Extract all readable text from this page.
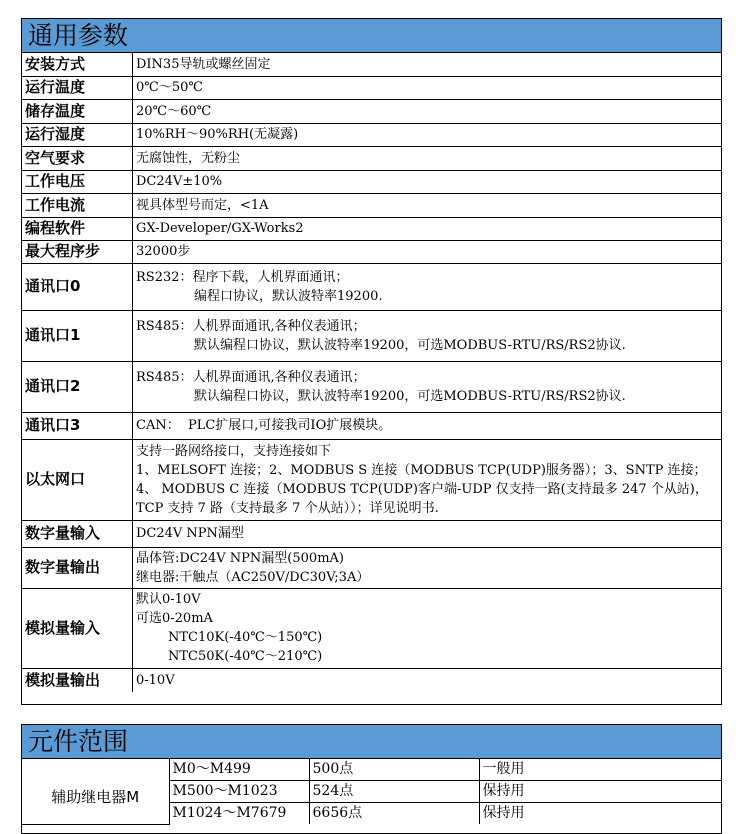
通用参数
安装方式	DIN35导轨或螺丝固定

运行温度	0℃～50℃

储存温度	20℃～60℃

运行湿度	10%RH～90%RH(无凝露)

空气要求	无腐蚀性，无粉尘

工作电压	DC24V±10%

工作电流	视具体型号而定，<1A

编程软件	GX-Developer/GX-Works2

最大程序步	32000步

通讯口0	RS232：程序下载，人机界面通讯；
编程口协议，默认波特率19200.

通讯口1	RS485：人机界面通讯,各种仪表通讯；
默认编程口协议，默认波特率19200，可选MODBUS-RTU/RS/RS2协议.

通讯口2	RS485：人机界面通讯,各种仪表通讯；
默认编程口协议，默认波特率19200，可选MODBUS-RTU/RS/RS2协议.

通讯口3	CAN：  PLC扩展口,可接我司IO扩展模块。

以太网口	支持一路网络接口，支持连接如下
1、MELSOFT 连接；2、MODBUS S 连接（MODBUS TCP(UDP)服务器）；3、SNTP 连接；4、 MODBUS C 连接（MODBUS TCP(UDP)客户端-UDP 仅支持一路(支持最多 247 个从站)，TCP 支持 7 路（支持最多 7 个从站））；详见说明书.

数字量输入	DC24V NPN漏型

数字量输出	晶体管:DC24V NPN漏型(500mA)
继电器:干触点（AC250V/DC30V;3A）

模拟量输入	默认0-10V
可选0-20mA
NTC10K(-40℃～150℃)
NTC50K(-40℃～210℃)

模拟量输出	0-10V
元件范围
辅助继电器M	M0～M499	500点	一般用
	M500～M1023	524点	保持用
	M1024～M7679	6656点	保持用
